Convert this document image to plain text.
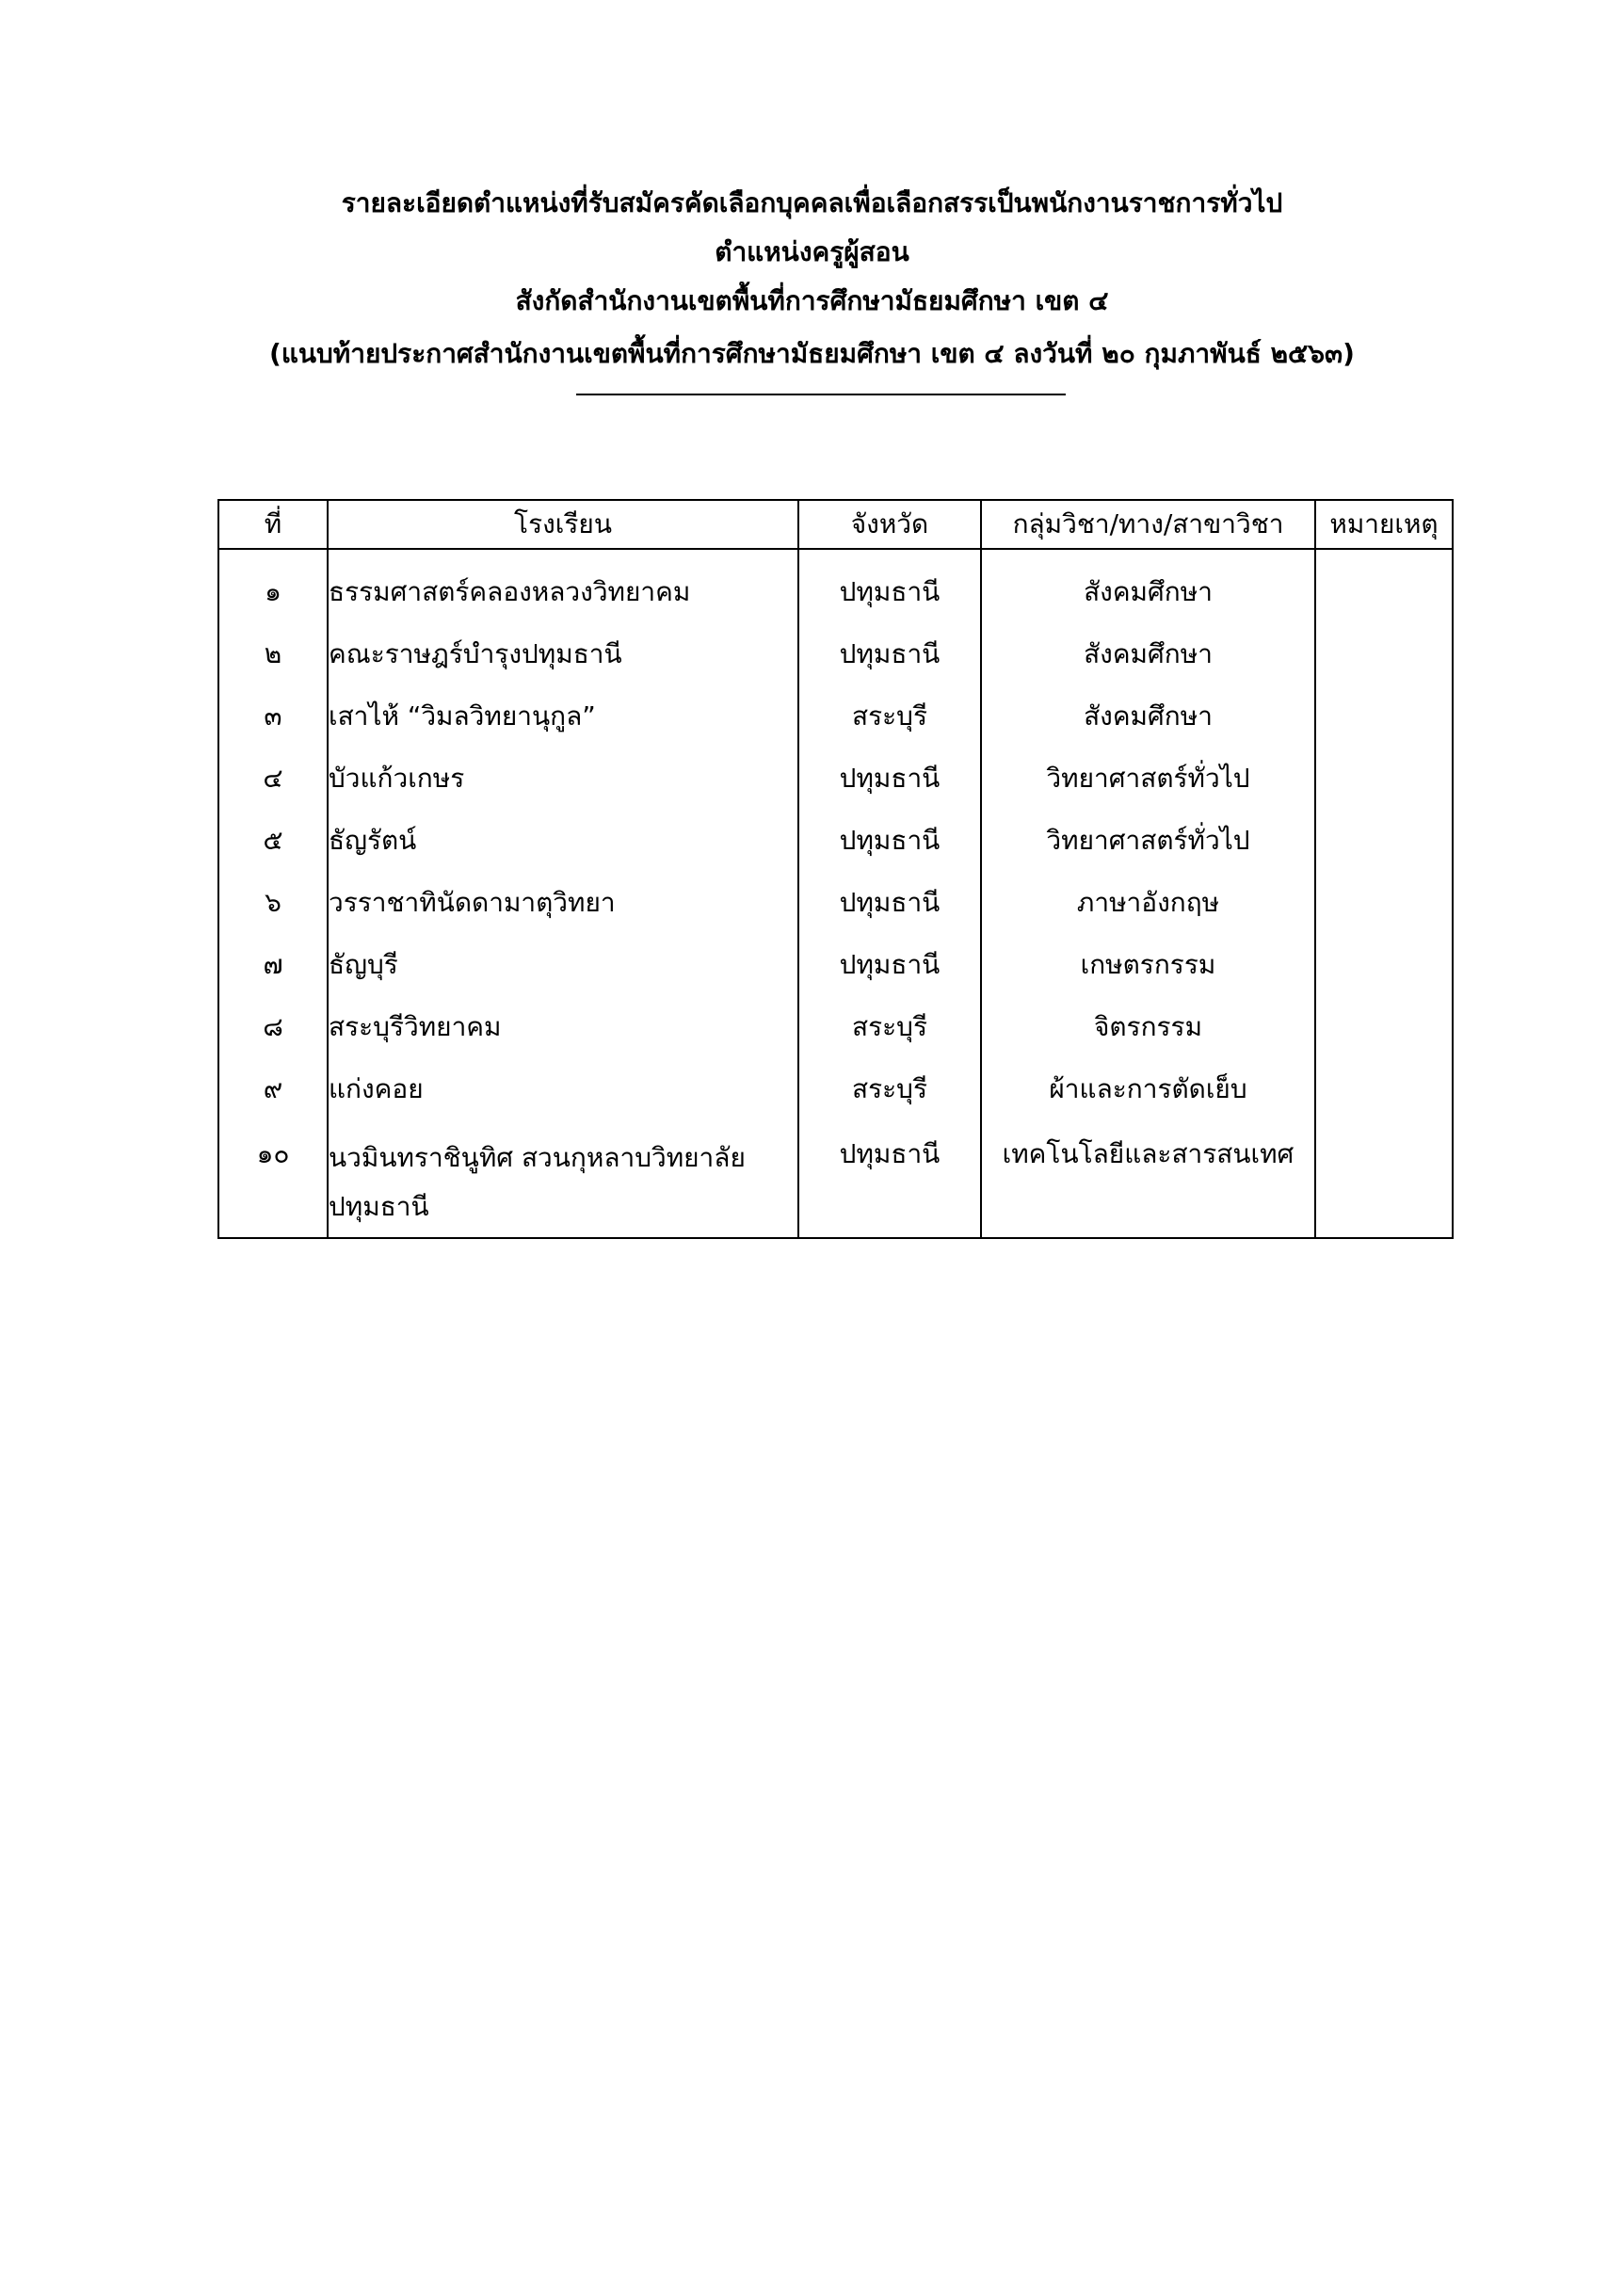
รายละเอียดตำแหน่งที่รับสมัครคัดเลือกบุคคลเพื่อเลือกสรรเป็นพนักงานราชการทั่วไป
ตำแหน่งครูผู้สอน
สังกัดสำนักงานเขตพื้นที่การศึกษามัธยมศึกษา เขต ๔
(แนบท้ายประกาศสำนักงานเขตพื้นที่การศึกษามัธยมศึกษา เขต ๔ ลงวันที่ ๒๐ กุมภาพันธ์ ๒๕๖๓)
ที่	โรงเรียน	จังหวัด	กลุ่มวิชา/ทาง/สาขาวิชา	หมายเหตุ
๑	ธรรมศาสตร์คลองหลวงวิทยาคม	ปทุมธานี	สังคมศึกษา	
๒	คณะราษฎร์บำรุงปทุมธานี	ปทุมธานี	สังคมศึกษา	
๓	เสาไห้ “วิมลวิทยานุกูล”	สระบุรี	สังคมศึกษา	
๔	บัวแก้วเกษร	ปทุมธานี	วิทยาศาสตร์ทั่วไป	
๕	ธัญรัตน์	ปทุมธานี	วิทยาศาสตร์ทั่วไป	
๖	วรราชาทินัดดามาตุวิทยา	ปทุมธานี	ภาษาอังกฤษ	
๗	ธัญบุรี	ปทุมธานี	เกษตรกรรม	
๘	สระบุรีวิทยาคม	สระบุรี	จิตรกรรม	
๙	แก่งคอย	สระบุรี	ผ้าและการตัดเย็บ	
๑๐	นวมินทราชินูทิศ สวนกุหลาบวิทยาลัย ปทุมธานี	ปทุมธานี	เทคโนโลยีและสารสนเทศ	
